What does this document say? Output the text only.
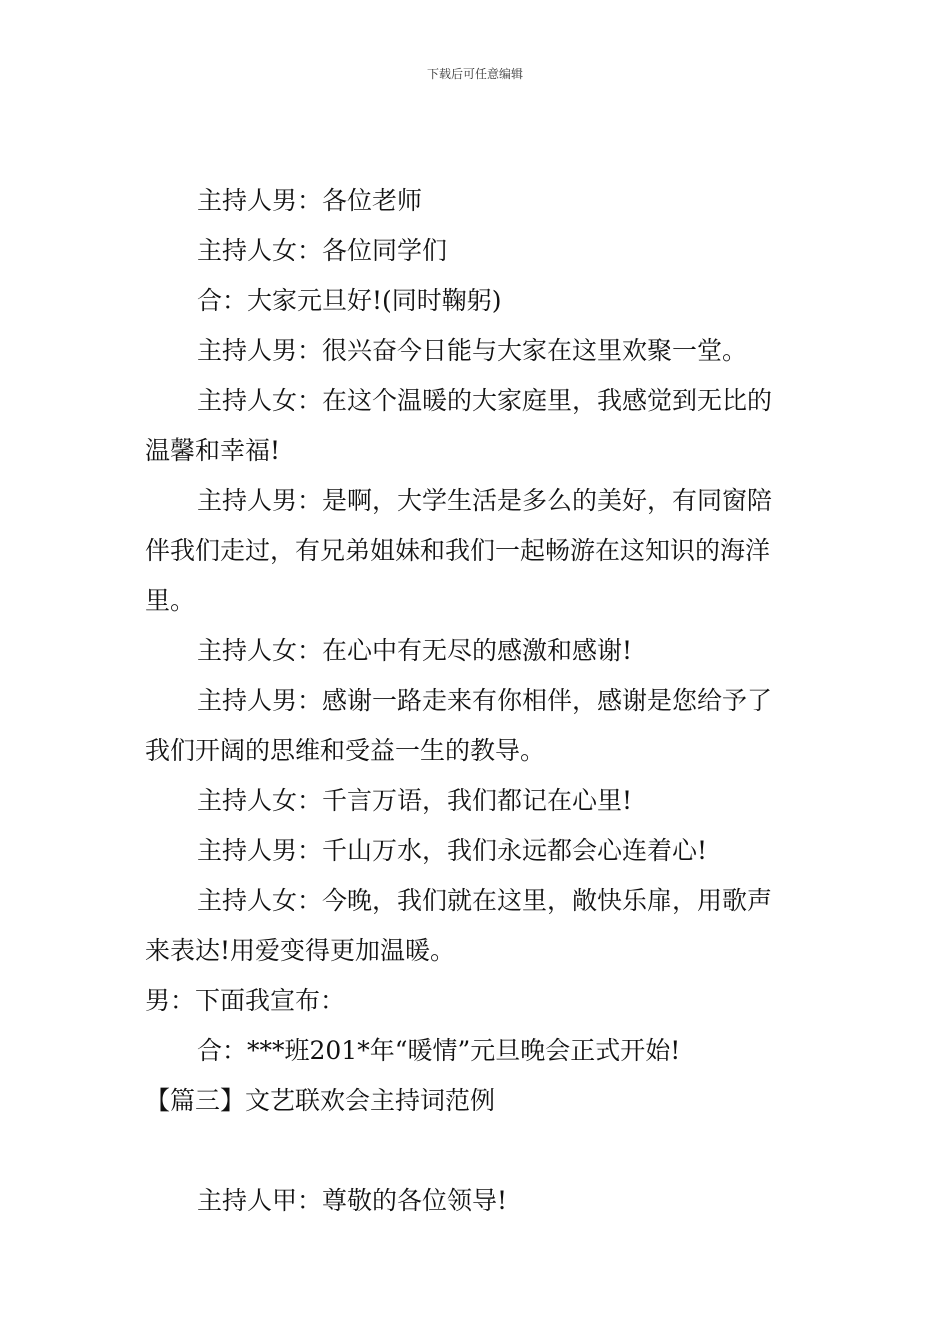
下载后可任意编辑

主持人男：各位老师

主持人女：各位同学们

合：大家元旦好!(同时鞠躬)

主持人男：很兴奋今日能与大家在这里欢聚一堂。

主持人女：在这个温暖的大家庭里，我感觉到无比的

温馨和幸福!

主持人男：是啊，大学生活是多么的美好，有同窗陪

伴我们走过，有兄弟姐妹和我们一起畅游在这知识的海洋

里。

主持人女：在心中有无尽的感激和感谢!

主持人男：感谢一路走来有你相伴，感谢是您给予了

我们开阔的思维和受益一生的教导。

主持人女：千言万语，我们都记在心里!

主持人男：千山万水，我们永远都会心连着心!

主持人女：今晚，我们就在这里，敞快乐扉，用歌声

来表达!用爱变得更加温暖。

男：下面我宣布：

合：***班201*年“暖情”元旦晚会正式开始!

【篇三】文艺联欢会主持词范例

主持人甲：尊敬的各位领导!
